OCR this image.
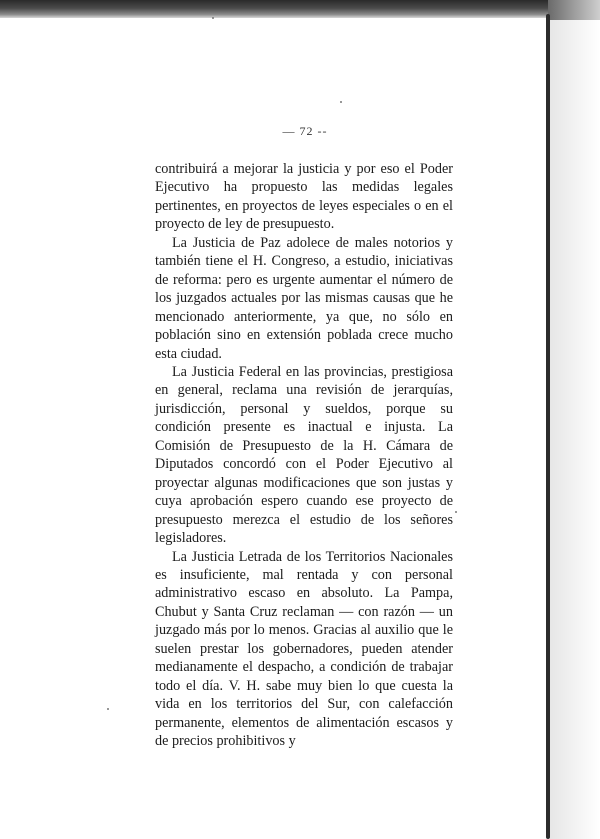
— 72 --

contribuirá a mejorar la justicia y por eso el Poder Ejecutivo ha propuesto las medidas legales pertinentes, en proyectos de leyes especiales o en el proyecto de ley de presupuesto.

La Justicia de Paz adolece de males notorios y también tiene el H. Congreso, a estudio, iniciativas de reforma: pero es urgente aumentar el número de los juzgados actuales por las mismas causas que he mencionado anteriormente, ya que, no sólo en población sino en extensión poblada crece mucho esta ciudad.

La Justicia Federal en las provincias, prestigiosa en general, reclama una revisión de jerarquías, jurisdicción, personal y sueldos, porque su condición presente es inactual e injusta. La Comisión de Presupuesto de la H. Cámara de Diputados concordó con el Poder Ejecutivo al proyectar algunas modificaciones que son justas y cuya aprobación espero cuando ese proyecto de presupuesto merezca el estudio de los señores legisladores.

La Justicia Letrada de los Territorios Nacionales es insuficiente, mal rentada y con personal administrativo escaso en absoluto. La Pampa, Chubut y Santa Cruz reclaman — con razón — un juzgado más por lo menos. Gracias al auxilio que le suelen prestar los gobernadores, pueden atender medianamente el despacho, a condición de trabajar todo el día. V. H. sabe muy bien lo que cuesta la vida en los territorios del Sur, con calefacción permanente, elementos de alimentación escasos y de precios prohibitivos y
